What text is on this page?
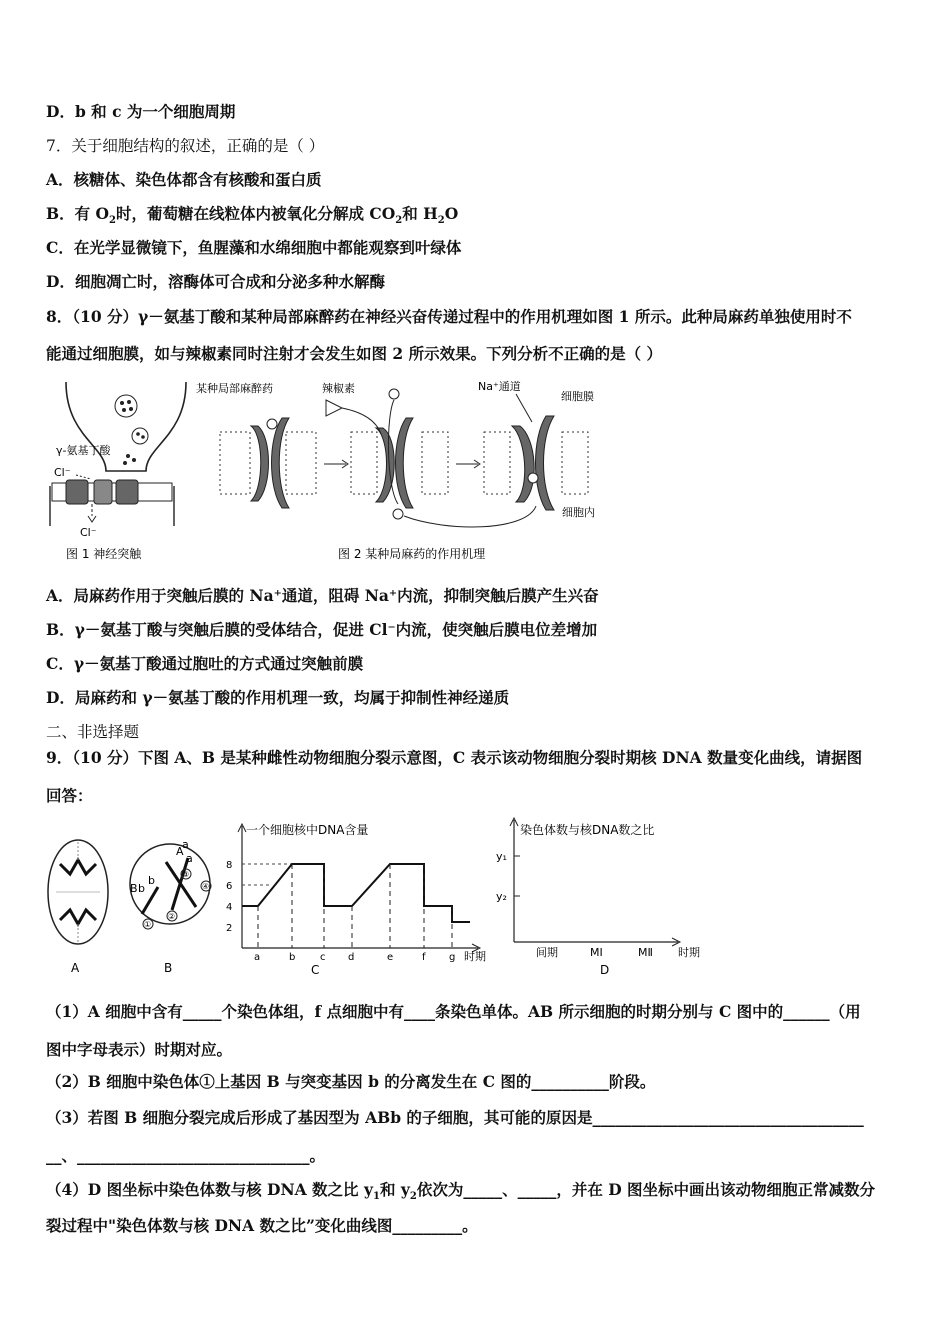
D．b 和 c 为一个细胞周期
7．关于细胞结构的叙述，正确的是（ ）
A．核糖体、染色体都含有核酸和蛋白质
B．有 $O_2$时，葡萄糖在线粒体内被氧化分解成 $CO_2$和 $H_2O$
C．在光学显微镜下，鱼腥藻和水绵细胞中都能观察到叶绿体
D．细胞凋亡时，溶酶体可合成和分泌多种水解酶
8．（10 分）γ－氨基丁酸和某种局部麻醉药在神经兴奋传递过程中的作用机理如图 1 所示。此种局麻药单独使用时不
能通过细胞膜，如与辣椒素同时注射才会发生如图 2 所示效果。下列分析不正确的是（ ）
γ-氨基丁酸
Cl⁻
Cl⁻
图 1 神经突触
某种局部麻醉药	辣椒素	Na⁺通道
细胞膜
细胞内
图 2 某种局麻药的作用机理
A．局麻药作用于突触后膜的 Na⁺通道，阻碍 Na⁺内流，抑制突触后膜产生兴奋
B．γ－氨基丁酸与突触后膜的受体结合，促进 Cl⁻内流，使突触后膜电位差增加
C．γ－氨基丁酸通过胞吐的方式通过突触前膜
D．局麻药和 γ－氨基丁酸的作用机理一致，均属于抑制性神经递质
二、非选择题
9．（10 分）下图 A、B 是某种雌性动物细胞分裂示意图，C 表示该动物细胞分裂时期核 DNA 数量变化曲线，请据图
回答：
A
A
a
a
B b
b
①
②
③
④
B
一个细胞核中DNA含量
8
6
4
2
a	b c d	e	f g 时期
C
染色体数与核DNA数之比
y₁
y₂
间期	MⅠ	MⅡ 时期
D
（1）A 细胞中含有_____个染色体组，f 点细胞中有____条染色单体。AB 所示细胞的时期分别与 C 图中的______（用
图中字母表示）时期对应。
（2）B 细胞中染色体①上基因 B 与突变基因 b 的分离发生在 C 图的__________阶段。
（3）若图 B 细胞分裂完成后形成了基因型为 ABb 的子细胞，其可能的原因是___________________________________
__、______________________________。
（4）D 图坐标中染色体数与核 DNA 数之比 $y_1$和 $y_2$依次为_____、_____，并在 D 图坐标中画出该动物细胞正常减数分
裂过程中"染色体数与核 DNA 数之比”变化曲线图_________。
